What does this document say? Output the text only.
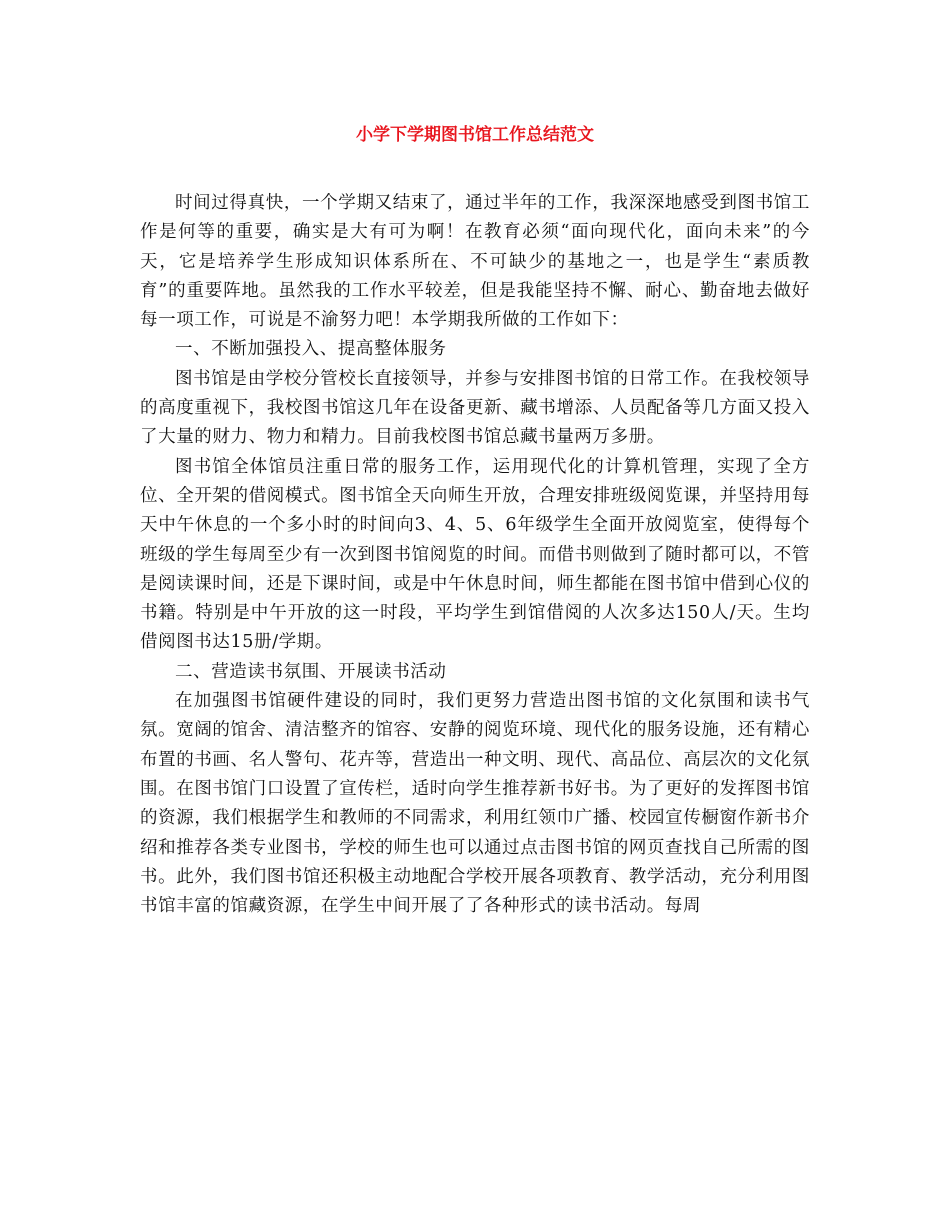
小学下学期图书馆工作总结范文

时间过得真快，一个学期又结束了，通过半年的工作，我深深地感受到图书馆工作是何等的重要，确实是大有可为啊！在教育必须“面向现代化，面向未来”的今天，它是培养学生形成知识体系所在、不可缺少的基地之一，也是学生“素质教育”的重要阵地。虽然我的工作水平较差，但是我能坚持不懈、耐心、勤奋地去做好每一项工作，可说是不渝努力吧！本学期我所做的工作如下：

一、不断加强投入、提高整体服务

图书馆是由学校分管校长直接领导，并参与安排图书馆的日常工作。在我校领导的高度重视下，我校图书馆这几年在设备更新、藏书增添、人员配备等几方面又投入了大量的财力、物力和精力。目前我校图书馆总藏书量两万多册。

图书馆全体馆员注重日常的服务工作，运用现代化的计算机管理，实现了全方位、全开架的借阅模式。图书馆全天向师生开放，合理安排班级阅览课，并坚持用每天中午休息的一个多小时的时间向3、4、5、6年级学生全面开放阅览室，使得每个班级的学生每周至少有一次到图书馆阅览的时间。而借书则做到了随时都可以，不管是阅读课时间，还是下课时间，或是中午休息时间，师生都能在图书馆中借到心仪的书籍。特别是中午开放的这一时段，平均学生到馆借阅的人次多达150人/天。生均借阅图书达15册/学期。

二、营造读书氛围、开展读书活动

在加强图书馆硬件建设的同时，我们更努力营造出图书馆的文化氛围和读书气氛。宽阔的馆舍、清洁整齐的馆容、安静的阅览环境、现代化的服务设施，还有精心布置的书画、名人警句、花卉等，营造出一种文明、现代、高品位、高层次的文化氛围。在图书馆门口设置了宣传栏，适时向学生推荐新书好书。为了更好的发挥图书馆的资源，我们根据学生和教师的不同需求，利用红领巾广播、校园宣传橱窗作新书介绍和推荐各类专业图书，学校的师生也可以通过点击图书馆的网页查找自己所需的图书。此外，我们图书馆还积极主动地配合学校开展各项教育、教学活动，充分利用图书馆丰富的馆藏资源，在学生中间开展了了各种形式的读书活动。每周
